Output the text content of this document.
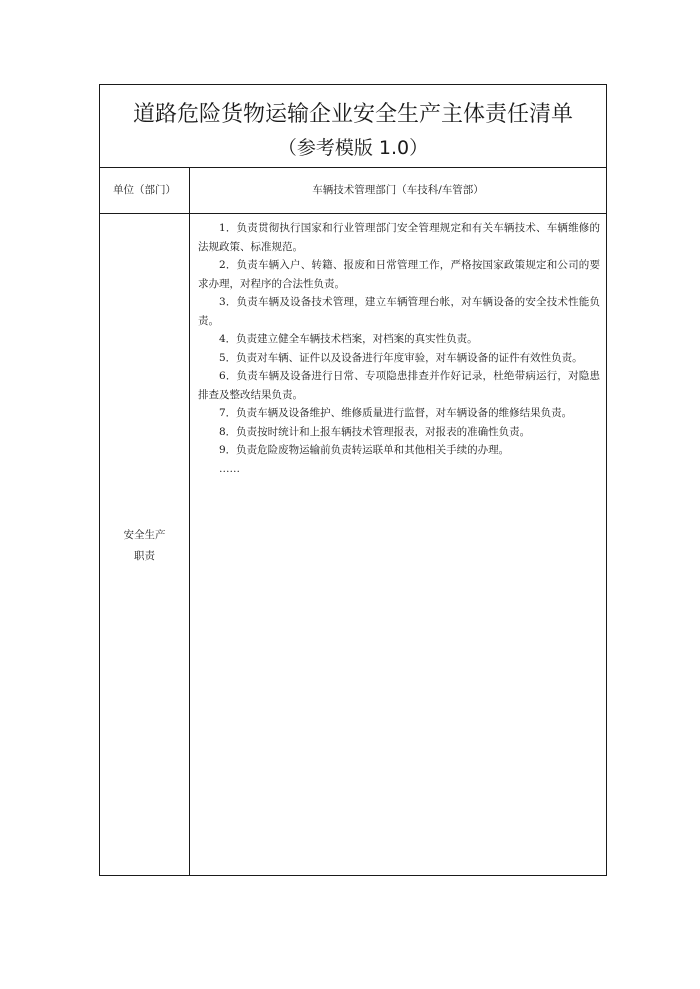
道路危险货物运输企业安全生产主体责任清单
（参考模版 1.0）
单位（部门）	车辆技术管理部门（车技科/车管部）
安全生产
职责
1．负责贯彻执行国家和行业管理部门安全管理规定和有关车辆技术、车辆维修的法规政策、标准规范。
2．负责车辆入户、转籍、报废和日常管理工作，严格按国家政策规定和公司的要求办理，对程序的合法性负责。
3．负责车辆及设备技术管理，建立车辆管理台帐，对车辆设备的安全技术性能负责。
4．负责建立健全车辆技术档案，对档案的真实性负责。
5．负责对车辆、证件以及设备进行年度审验，对车辆设备的证件有效性负责。
6．负责车辆及设备进行日常、专项隐患排查并作好记录，杜绝带病运行，对隐患排查及整改结果负责。
7．负责车辆及设备维护、维修质量进行监督，对车辆设备的维修结果负责。
8．负责按时统计和上报车辆技术管理报表，对报表的准确性负责。
9．负责危险废物运输前负责转运联单和其他相关手续的办理。
……
